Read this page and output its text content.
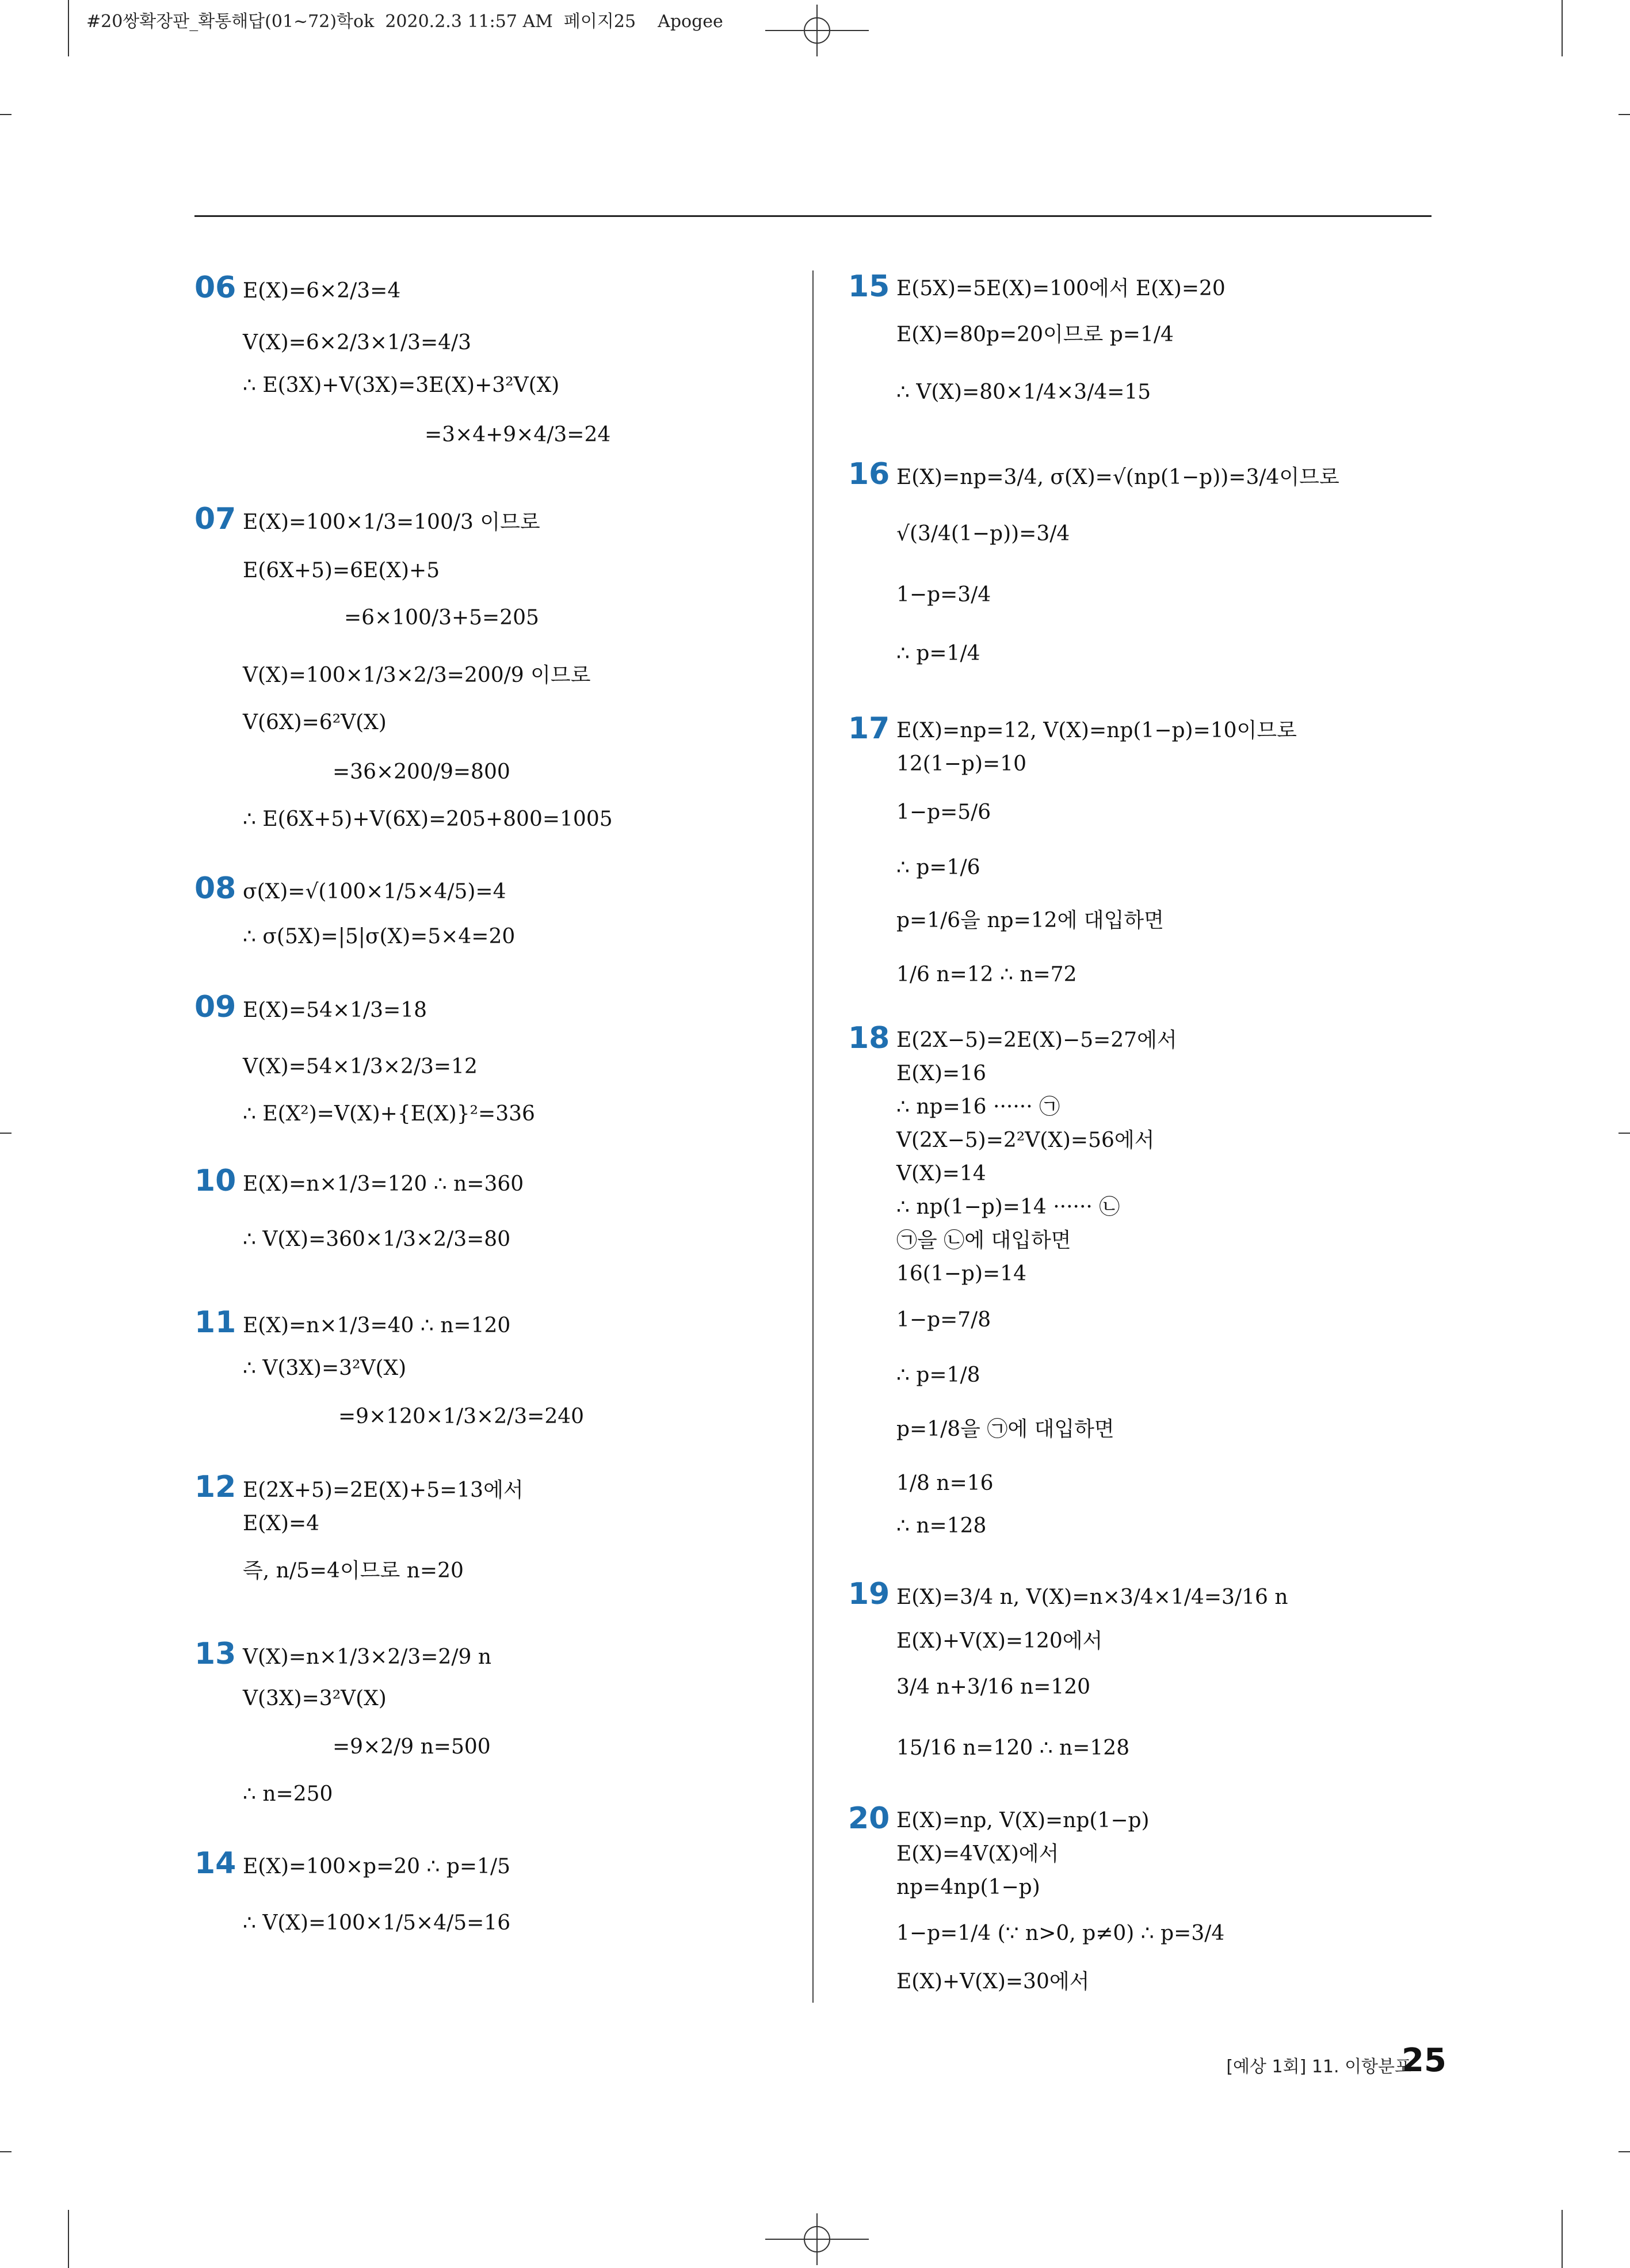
#20쌍확장판_확통해답(01~72)학ok  2020.2.3 11:57 AM  페이지25    Apogee
06 E(X)=6×2/3=4
V(X)=6×2/3×1/3=4/3
∴ E(3X)+V(3X)=3E(X)+3²V(X)
=3×4+9×4/3=24
07 E(X)=100×1/3=100/3 이므로
E(6X+5)=6E(X)+5
=6×100/3+5=205
V(X)=100×1/3×2/3=200/9 이므로
V(6X)=6²V(X)
=36×200/9=800
∴ E(6X+5)+V(6X)=205+800=1005
08 σ(X)=√(100×1/5×4/5)=4
∴ σ(5X)=|5|σ(X)=5×4=20
09 E(X)=54×1/3=18
V(X)=54×1/3×2/3=12
∴ E(X²)=V(X)+{E(X)}²=336
10 E(X)=n×1/3=120 ∴ n=360
∴ V(X)=360×1/3×2/3=80
11 E(X)=n×1/3=40 ∴ n=120
∴ V(3X)=3²V(X)
=9×120×1/3×2/3=240
12 E(2X+5)=2E(X)+5=13에서
E(X)=4
즉, n/5=4이므로 n=20
13 V(X)=n×1/3×2/3=2/9 n
V(3X)=3²V(X)
=9×2/9 n=500
∴ n=250
14 E(X)=100×p=20 ∴ p=1/5
∴ V(X)=100×1/5×4/5=16
15 E(5X)=5E(X)=100에서 E(X)=20
E(X)=80p=20이므로 p=1/4
∴ V(X)=80×1/4×3/4=15
16 E(X)=np=3/4, σ(X)=√(np(1−p))=3/4이므로
√(3/4(1−p))=3/4
1−p=3/4
∴ p=1/4
17 E(X)=np=12, V(X)=np(1−p)=10이므로
12(1−p)=10
1−p=5/6
∴ p=1/6
p=1/6을 np=12에 대입하면
1/6 n=12 ∴ n=72
18 E(2X−5)=2E(X)−5=27에서
E(X)=16
∴ np=16 ······ ㉠
V(2X−5)=2²V(X)=56에서
V(X)=14
∴ np(1−p)=14 ······ ㉡
㉠을 ㉡에 대입하면
16(1−p)=14
1−p=7/8
∴ p=1/8
p=1/8을 ㉠에 대입하면
1/8 n=16
∴ n=128
19 E(X)=3/4 n, V(X)=n×3/4×1/4=3/16 n
E(X)+V(X)=120에서
3/4 n+3/16 n=120
15/16 n=120 ∴ n=128
20 E(X)=np, V(X)=np(1−p)
E(X)=4V(X)에서
np=4np(1−p)
1−p=1/4 (∵ n>0, p≠0) ∴ p=3/4
E(X)+V(X)=30에서
[예상 1회] 11. 이항분포
25
